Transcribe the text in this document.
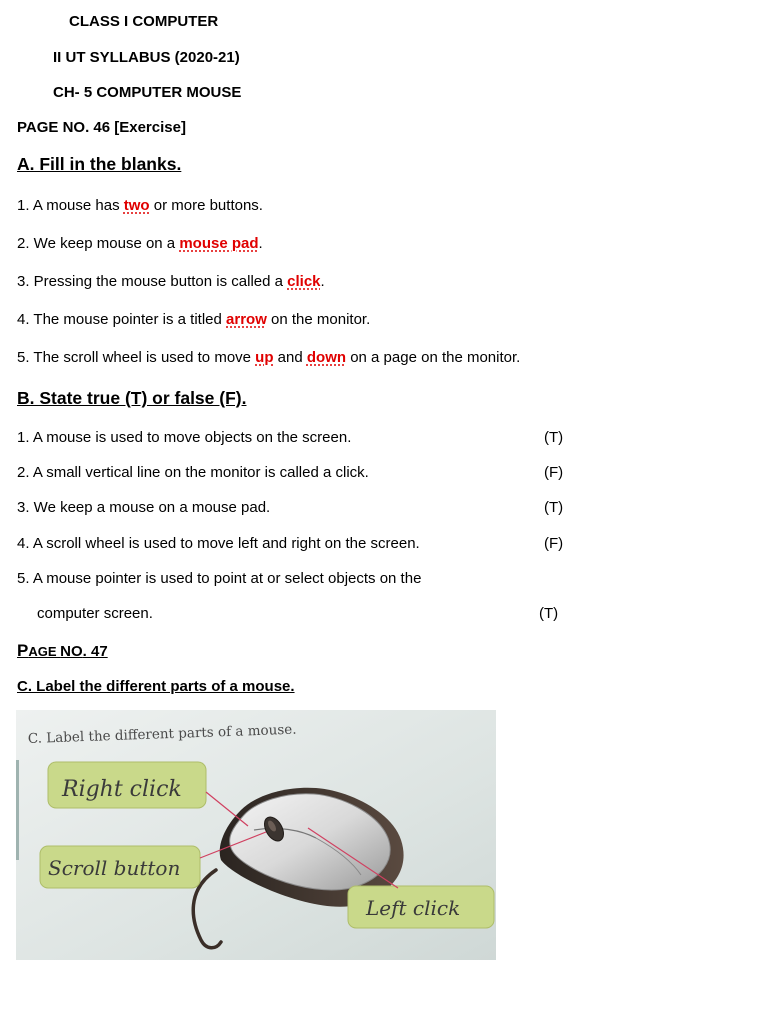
CLASS I COMPUTER
II UT SYLLABUS (2020-21)
CH- 5 COMPUTER MOUSE
PAGE NO. 46 [Exercise]
A. Fill in the blanks.
1. A mouse has two or more buttons.
2. We keep mouse on a mouse pad.
3. Pressing the mouse button is called a click.
4. The mouse pointer is a titled arrow on the monitor.
5. The scroll wheel is used to move up and down on a page on the monitor.
B. State true (T) or false (F).
1. A mouse is used to move objects on the screen.	(T)
2. A small vertical line on the monitor is called a click.	(F)
3. We keep a mouse on a mouse pad.	(T)
4. A scroll wheel is used to move left and right on the screen.	(F)
5. A mouse pointer is used to point at or select objects on the
computer screen.	(T)
PAGE NO. 47
C. Label the different parts of a mouse.
C. Label the different parts of a mouse.
Right click
Scroll button
Left click
